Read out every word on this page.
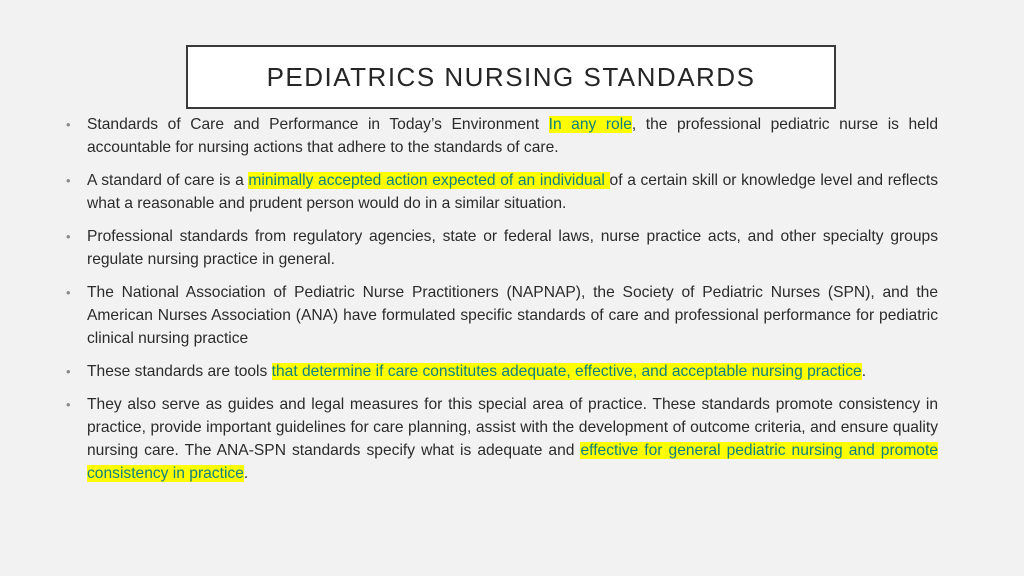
PEDIATRICS NURSING STANDARDS
• Standards of Care and Performance in Today’s Environment In any role, the professional pediatric nurse is held accountable for nursing actions that adhere to the standards of care.
• A standard of care is a minimally accepted action expected of an individual of a certain skill or knowledge level and reflects what a reasonable and prudent person would do in a similar situation.
• Professional standards from regulatory agencies, state or federal laws, nurse practice acts, and other specialty groups regulate nursing practice in general.
• The National Association of Pediatric Nurse Practitioners (NAPNAP), the Society of Pediatric Nurses (SPN), and the American Nurses Association (ANA) have formulated specific standards of care and professional performance for pediatric clinical nursing practice
• These standards are tools that determine if care constitutes adequate, effective, and acceptable nursing practice.
• They also serve as guides and legal measures for this special area of practice. These standards promote consistency in practice, provide important guidelines for care planning, assist with the development of outcome criteria, and ensure quality nursing care. The ANA-SPN standards specify what is adequate and effective for general pediatric nursing and promote consistency in practice.
